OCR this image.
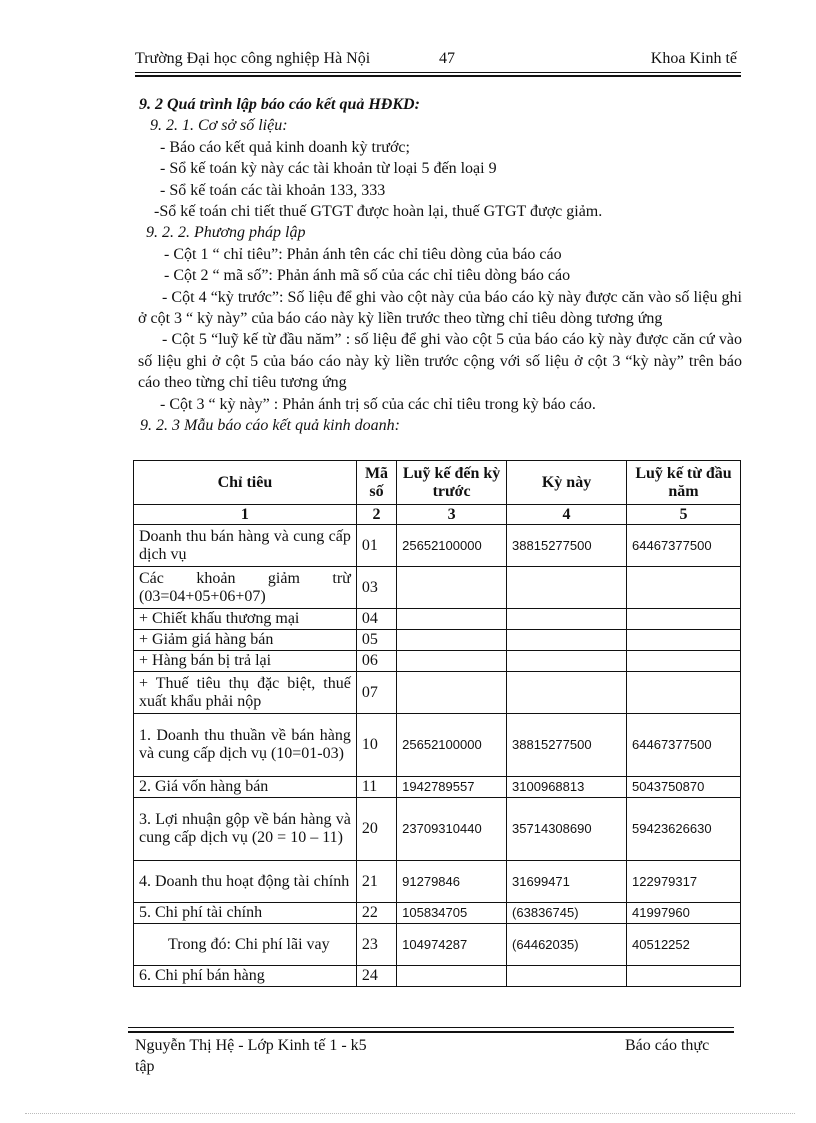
Trường Đại học công nghiệp Hà Nội	47	Khoa Kinh tế

9. 2 Quá trình lập báo cáo kết quả HĐKD:

9. 2. 1. Cơ sở số liệu:

- Báo cáo kết quả kinh doanh kỳ trước;

- Sổ kế toán kỳ này các tài khoản từ loại 5 đến loại 9

- Sổ kế toán các tài khoản 133, 333

-Sổ kế toán chi tiết thuế GTGT được hoàn lại, thuế GTGT được giảm.

9. 2. 2. Phương pháp lập

- Cột 1 “ chỉ tiêu”: Phản ánh tên các chỉ tiêu dòng của báo cáo

- Cột 2 “ mã số”: Phản ánh mã số của các chỉ tiêu dòng báo cáo

- Cột 4 “kỳ trước”: Số liệu để ghi vào cột này của báo cáo kỳ này được căn vào số liệu ghi ở cột 3 “ kỳ này” của báo cáo này kỳ liền trước theo từng chỉ tiêu dòng tương ứng

- Cột 5 “luỹ kế từ đầu năm” : số liệu để ghi vào cột 5 của báo cáo kỳ này được căn cứ vào số liệu ghi ở cột 5 của báo cáo này kỳ liền trước cộng với số liệu ở cột 3 “kỳ này” trên báo cáo theo từng chỉ tiêu tương ứng

- Cột 3 “ kỳ này” : Phản ánh trị số của các chỉ tiêu trong kỳ báo cáo.

9. 2. 3 Mẫu báo cáo kết quả kinh doanh:

Chỉ tiêu	Mã số	Luỹ kế đến kỳ trước	Kỳ này	Luỹ kế từ đầu năm
1	2	3	4	5
Doanh thu bán hàng và cung cấp dịch vụ	01	25652100000	38815277500	64467377500
Các khoản giảm trừ (03=04+05+06+07)	03			
+ Chiết khấu thương mại	04			
+ Giảm giá hàng bán	05			
+ Hàng bán bị trả lại	06			
+ Thuế tiêu thụ đặc biệt, thuế xuất khẩu phải nộp	07			
1. Doanh thu thuần về bán hàng và cung cấp dịch vụ (10=01-03)	10	25652100000	38815277500	64467377500
2. Giá vốn hàng bán	11	1942789557	3100968813	5043750870
3. Lợi nhuận gộp về bán hàng và cung cấp dịch vụ (20 = 10 – 11)	20	23709310440	35714308690	59423626630
4. Doanh thu hoạt động tài chính	21	91279846	31699471	122979317
5. Chi phí tài chính	22	105834705	(63836745)	41997960
Trong đó: Chi phí lãi vay	23	104974287	(64462035)	40512252
6. Chi phí bán hàng	24			
Nguyễn Thị Hệ - Lớp Kinh tế 1 - k5	Báo cáo thực
tập
